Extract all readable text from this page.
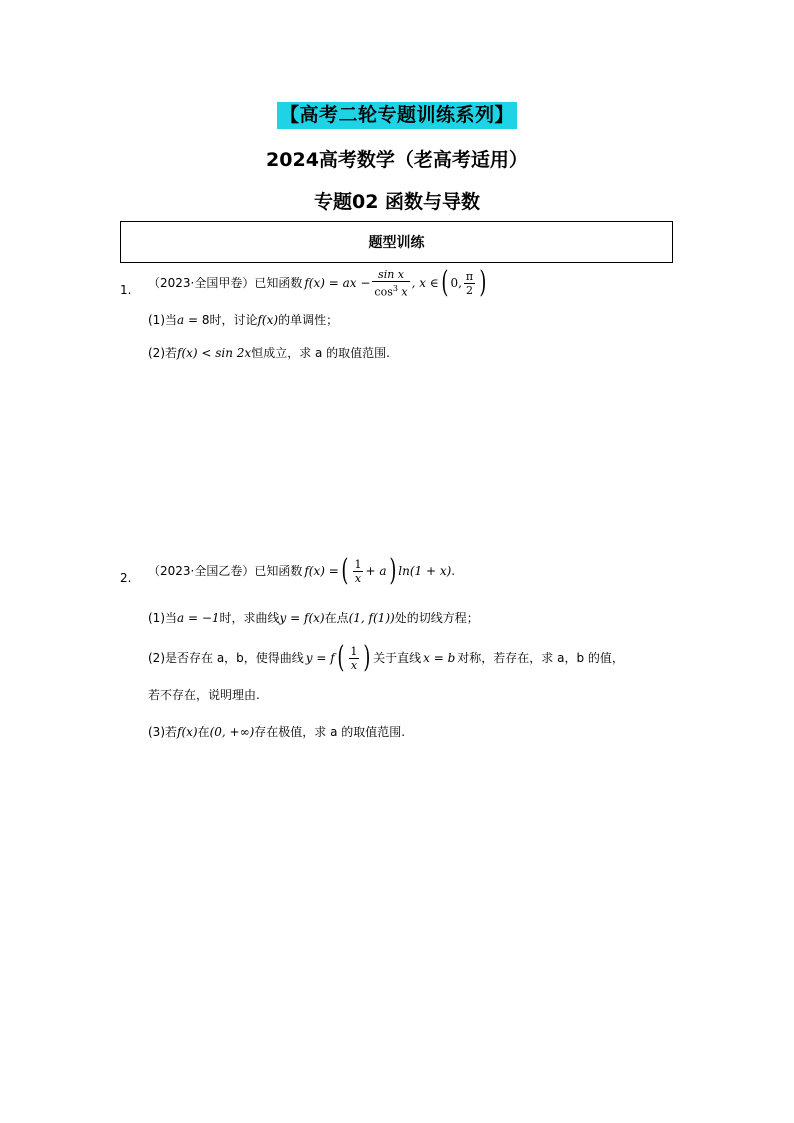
【高考二轮专题训练系列】
2024高考数学（老高考适用）
专题02 函数与导数
题型训练
1. （2023·全国甲卷）已知函数 f(x) = ax − $\frac{\text{sin x}}{\cos^3 x}$ , x ∈ ( 0, $\frac{\pi}{2}$ )
(1)当a = 8时，讨论f(x)的单调性；
(2)若f(x) < sin 2x恒成立，求 a 的取值范围.
2. （2023·全国乙卷）已知函数 f(x) = ( $\frac{1}{x} + a$ ) ln(1 + x) .
(1)当a = −1时，求曲线y = f(x)在点(1, f(1))处的切线方程；
(2)是否存在 a，b，使得曲线 y = f ( $\frac{1}{x}$ ) 关于直线 x = b 对称，若存在，求 a，b 的值，
若不存在，说明理由.
(3)若f(x)在(0, +∞)存在极值，求 a 的取值范围.
